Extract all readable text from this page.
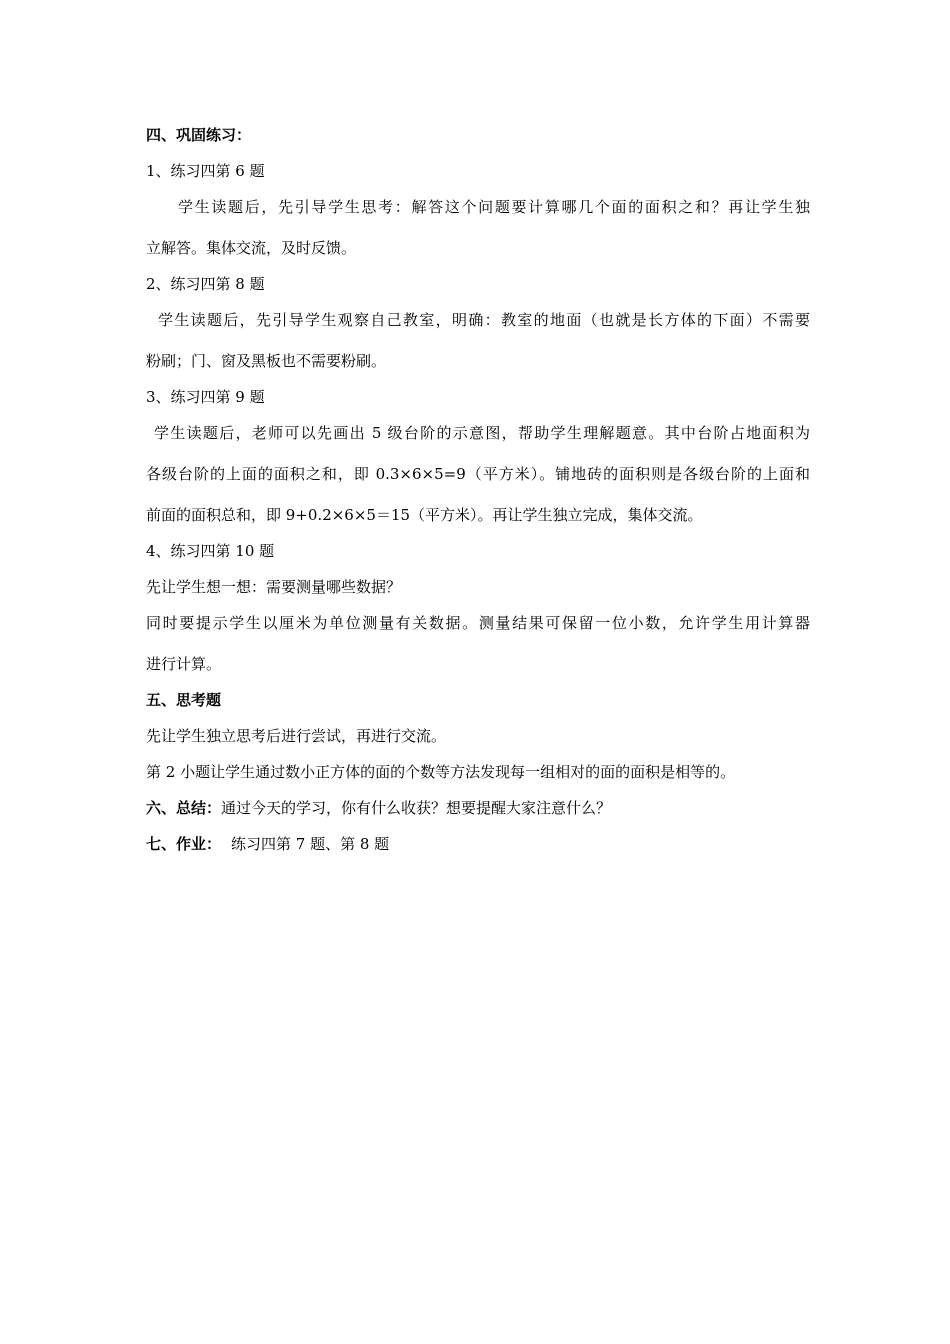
四、巩固练习：

1、练习四第 6 题

学生读题后，先引导学生思考：解答这个问题要计算哪几个面的面积之和？再让学生独

立解答。集体交流，及时反馈。

2、练习四第 8 题

学生读题后，先引导学生观察自己教室，明确：教室的地面（也就是长方体的下面）不需要

粉刷；门、窗及黑板也不需要粉刷。

3、练习四第 9 题

学生读题后，老师可以先画出 5 级台阶的示意图，帮助学生理解题意。其中台阶占地面积为

各级台阶的上面的面积之和，即 0.3×6×5=9（平方米）。铺地砖的面积则是各级台阶的上面和

前面的面积总和，即 9+0.2×6×5＝15（平方米）。再让学生独立完成，集体交流。

4、练习四第 10 题

先让学生想一想：需要测量哪些数据？

同时要提示学生以厘米为单位测量有关数据。测量结果可保留一位小数，允许学生用计算器

进行计算。

五、思考题

先让学生独立思考后进行尝试，再进行交流。

第 2 小题让学生通过数小正方体的面的个数等方法发现每一组相对的面的面积是相等的。

六、总结：通过今天的学习，你有什么收获？想要提醒大家注意什么？

七、作业： 练习四第 7 题、第 8 题
